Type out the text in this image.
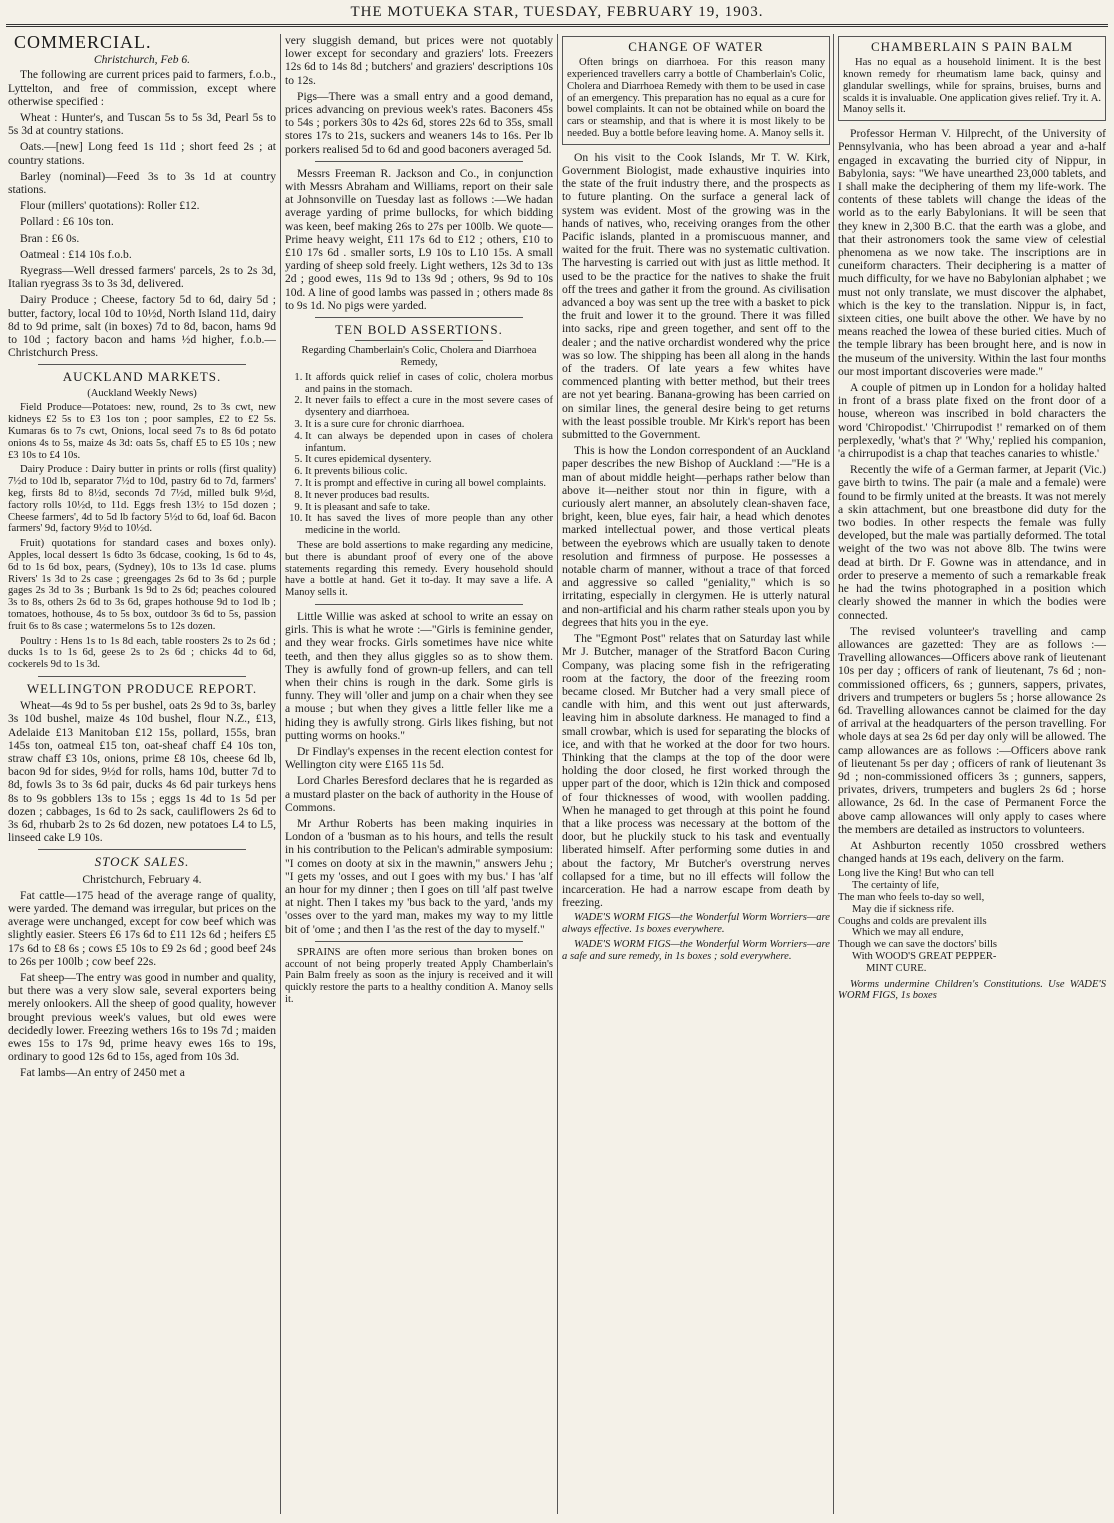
THE MOTUEKA STAR, TUESDAY, FEBRUARY 19, 1903.
COMMERCIAL.

Christchurch, Feb 6.

The following are current prices paid to farmers, f.o.b., Lyttelton, and free of commission, except where otherwise specified :

Wheat : Hunter's, and Tuscan 5s to 5s 3d, Pearl 5s to 5s 3d at country stations.

Oats.—[new] Long feed 1s 11d ; short feed 2s ; at country stations.

Barley (nominal)—Feed 3s to 3s 1d at country stations.

Flour (millers' quotations): Roller £12.

Pollard : £6 10s ton.

Bran : £6 0s.

Oatmeal : £14 10s f.o.b.

Ryegrass—Well dressed farmers' parcels, 2s to 2s 3d, Italian ryegrass 3s to 3s 3d, delivered.

Dairy Produce ; Cheese, factory 5d to 6d, dairy 5d ; butter, factory, local 10d to 10½d, North Island 11d, dairy 8d to 9d prime, salt (in boxes) 7d to 8d, bacon, hams 9d to 10d ; factory bacon and hams ½d higher, f.o.b.—Christchurch Press.

AUCKLAND MARKETS.

(Auckland Weekly News)

Field Produce—Potatoes: new, round, 2s to 3s cwt, new kidneys £2 5s to £3 1os ton ; poor samples, £2 to £2 5s. Kumaras 6s to 7s cwt, Onions, local seed 7s to 8s 6d potato onions 4s to 5s, maize 4s 3d: oats 5s, chaff £5 to £5 10s ; new £3 10s to £4 10s.

Dairy Produce : Dairy butter in prints or rolls (first quality) 7½d to 10d lb, separator 7½d to 10d, pastry 6d to 7d, farmers' keg, firsts 8d to 8½d, seconds 7d 7½d, milled bulk 9½d, factory rolls 10½d, to 11d. Eggs fresh 13½ to 15d dozen ; Cheese farmers', 4d to 5d lb factory 5½d to 6d, loaf 6d. Bacon farmers' 9d, factory 9½d to 10½d.

Fruit) quotations for standard cases and boxes only). Apples, local dessert 1s 6dto 3s 6dcase, cooking, 1s 6d to 4s, 6d to 1s 6d box, pears, (Sydney), 10s to 13s 1d case. plums Rivers' 1s 3d to 2s case ; greengages 2s 6d to 3s 6d ; purple gages 2s 3d to 3s ; Burbank 1s 9d to 2s 6d; peaches coloured 3s to 8s, others 2s 6d to 3s 6d, grapes hothouse 9d to 1od lb ; tomatoes, hothouse, 4s to 5s box, outdoor 3s 6d to 5s, passion fruit 6s to 8s case ; watermelons 5s to 12s dozen.

Poultry : Hens 1s to 1s 8d each, table roosters 2s to 2s 6d ; ducks 1s to 1s 6d, geese 2s to 2s 6d ; chicks 4d to 6d, cockerels 9d to 1s 3d.

WELLINGTON PRODUCE REPORT.

Wheat—4s 9d to 5s per bushel, oats 2s 9d to 3s, barley 3s 10d bushel, maize 4s 10d bushel, flour N.Z., £13, Adelaide £13 Manitoban £12 15s, pollard, 155s, bran 145s ton, oatmeal £15 ton, oat-sheaf chaff £4 10s ton, straw chaff £3 10s, onions, prime £8 10s, cheese 6d lb, bacon 9d for sides, 9½d for rolls, hams 10d, butter 7d to 8d, fowls 3s to 3s 6d pair, ducks 4s 6d pair turkeys hens 8s to 9s gobblers 13s to 15s ; eggs 1s 4d to 1s 5d per dozen ; cabbages, 1s 6d to 2s sack, cauliflowers 2s 6d to 3s 6d, rhubarb 2s to 2s 6d dozen, new potatoes L4 to L5, linseed cake L9 10s.

STOCK SALES.

Christchurch, February 4.

Fat cattle—175 head of the average range of quality, were yarded. The demand was irregular, but prices on the average were unchanged, except for cow beef which was slightly easier. Steers £6 17s 6d to £11 12s 6d ; heifers £5 17s 6d to £8 6s ; cows £5 10s to £9 2s 6d ; good beef 24s to 26s per 100lb ; cow beef 22s.

Fat sheep—The entry was good in number and quality, but there was a very slow sale, several exporters being merely onlookers. All the sheep of good quality, however brought previous week's values, but old ewes were decidedly lower. Freezing wethers 16s to 19s 7d ; maiden ewes 15s to 17s 9d, prime heavy ewes 16s to 19s, ordinary to good 12s 6d to 15s, aged from 10s 3d.

Fat lambs—An entry of 2450 met a

very sluggish demand, but prices were not quotably lower except for secondary and graziers' lots. Freezers 12s 6d to 14s 8d ; butchers' and graziers' descriptions 10s to 12s.

Pigs—There was a small entry and a good demand, prices advancing on previous week's rates. Baconers 45s to 54s ; porkers 30s to 42s 6d, stores 22s 6d to 35s, small stores 17s to 21s, suckers and weaners 14s to 16s. Per lb porkers realised 5d to 6d and good baconers averaged 5d.

Messrs Freeman R. Jackson and Co., in conjunction with Messrs Abraham and Williams, report on their sale at Johnsonville on Tuesday last as follows :—We hadan average yarding of prime bullocks, for which bidding was keen, beef making 26s to 27s per 100lb. We quote— Prime heavy weight, £11 17s 6d to £12 ; others, £10 to £10 17s 6d . smaller sorts, L9 10s to L10 15s. A small yarding of sheep sold freely. Light wethers, 12s 3d to 13s 2d ; good ewes, 11s 9d to 13s 9d ; others, 9s 9d to 10s 10d. A line of good lambs was passed in ; others made 8s to 9s 1d. No pigs were yarded.

TEN BOLD ASSERTIONS.

Regarding Chamberlain's Colic, Cholera and Diarrhoea Remedy,

1. It affords quick relief in cases of colic, cholera morbus and pains in the stomach.
2. It never fails to effect a cure in the most severe cases of dysentery and diarrhoea.
3. It is a sure cure for chronic diarrhoea.
4. It can always be depended upon in cases of cholera infantum.
5. It cures epidemical dysentery.
6. It prevents bilious colic.
7. It is prompt and effective in curing all bowel complaints.
8. It never produces bad results.
9. It is pleasant and safe to take.
10. It has saved the lives of more people than any other medicine in the world.

These are bold assertions to make regarding any medicine, but there is abundant proof of every one of the above statements regarding this remedy. Every household should have a bottle at hand. Get it to-day. It may save a life. A Manoy sells it.

Little Willie was asked at school to write an essay on girls. This is what he wrote :—"Girls is feminine gender, and they wear frocks. Girls sometimes have nice white teeth, and then they allus giggles so as to show them. They is awfully fond of grown-up fellers, and can tell when their chins is rough in the dark. Some girls is funny. They will 'oller and jump on a chair when they see a mouse ; but when they gives a little feller like me a hiding they is awfully strong. Girls likes fishing, but not putting worms on hooks."

Dr Findlay's expenses in the recent election contest for Wellington city were £165 11s 5d.

Lord Charles Beresford declares that he is regarded as a mustard plaster on the back of authority in the House of Commons.

Mr Arthur Roberts has been making inquiries in London of a 'busman as to his hours, and tells the result in his contribution to the Pelican's admirable symposium: "I comes on dooty at six in the mawnin," answers Jehu ; "I gets my 'osses, and out I goes with my bus.' I has 'alf an hour for my dinner ; then I goes on till 'alf past twelve at night. Then I takes my 'bus back to the yard, 'ands my 'osses over to the yard man, makes my way to my little bit of 'ome ; and then I 'as the rest of the day to myself."

SPRAINS are often more serious than broken bones on account of not being properly treated Apply Chamberlain's Pain Balm freely as soon as the injury is received and it will quickly restore the parts to a healthy condition A. Manoy sells it.

CHANGE OF WATER

Often brings on diarrhoea. For this reason many experienced travellers carry a bottle of Chamberlain's Colic, Cholera and Diarrhoea Remedy with them to be used in case of an emergency. This preparation has no equal as a cure for bowel complaints. It can not be obtained while on board the cars or steamship, and that is where it is most likely to be needed. Buy a bottle before leaving home. A. Manoy sells it.

On his visit to the Cook Islands, Mr T. W. Kirk, Government Biologist, made exhaustive inquiries into the state of the fruit industry there, and the prospects as to future planting. On the surface a general lack of system was evident. Most of the growing was in the hands of natives, who, receiving oranges from the other Pacific islands, planted in a promiscuous manner, and waited for the fruit. There was no systematic cultivation. The harvesting is carried out with just as little method. It used to be the practice for the natives to shake the fruit off the trees and gather it from the ground. As civilisation advanced a boy was sent up the tree with a basket to pick the fruit and lower it to the ground. There it was filled into sacks, ripe and green together, and sent off to the dealer ; and the native orchardist wondered why the price was so low. The shipping has been all along in the hands of the traders. Of late years a few whites have commenced planting with better method, but their trees are not yet bearing. Banana-growing has been carried on on similar lines, the general desire being to get returns with the least possible trouble. Mr Kirk's report has been submitted to the Government.

This is how the London correspondent of an Auckland paper describes the new Bishop of Auckland :—"He is a man of about middle height—perhaps rather below than above it—neither stout nor thin in figure, with a curiously alert manner, an absolutely clean-shaven face, bright, keen, blue eyes, fair hair, a head which denotes marked intellectual power, and those vertical pleats between the eyebrows which are usually taken to denote resolution and firmness of purpose. He possesses a notable charm of manner, without a trace of that forced and aggressive so called "geniality," which is so irritating, especially in clergymen. He is utterly natural and non-artificial and his charm rather steals upon you by degrees that hits you in the eye.

The "Egmont Post" relates that on Saturday last while Mr J. Butcher, manager of the Stratford Bacon Curing Company, was placing some fish in the refrigerating room at the factory, the door of the freezing room became closed. Mr Butcher had a very small piece of candle with him, and this went out just afterwards, leaving him in absolute darkness. He managed to find a small crowbar, which is used for separating the blocks of ice, and with that he worked at the door for two hours. Thinking that the clamps at the top of the door were holding the door closed, he first worked through the upper part of the door, which is 12in thick and composed of four thicknesses of wood, with woollen padding. When he managed to get through at this point he found that a like process was necessary at the bottom of the door, but he pluckily stuck to his task and eventually liberated himself. After performing some duties in and about the factory, Mr Butcher's overstrung nerves collapsed for a time, but no ill effects will follow the incarceration. He had a narrow escape from death by freezing.

WADE'S WORM FIGS—the Wonderful Worm Worriers—are always effective. 1s boxes everywhere.

WADE'S WORM FIGS—the Wonderful Worm Worriers—are a safe and sure remedy, in 1s boxes ; sold everywhere.

CHAMBERLAIN S PAIN BALM

Has no equal as a household liniment. It is the best known remedy for rheumatism lame back, quinsy and glandular swellings, while for sprains, bruises, burns and scalds it is invaluable. One application gives relief. Try it. A. Manoy sells it.

Professor Herman V. Hilprecht, of the University of Pennsylvania, who has been abroad a year and a-half engaged in excavating the burried city of Nippur, in Babylonia, says: "We have unearthed 23,000 tablets, and I shall make the deciphering of them my life-work. The contents of these tablets will change the ideas of the world as to the early Babylonians. It will be seen that they knew in 2,300 B.C. that the earth was a globe, and that their astronomers took the same view of celestial phenomena as we now take. The inscriptions are in cuneiform characters. Their deciphering is a matter of much difficulty, for we have no Babylonian alphabet ; we must not only translate, we must discover the alphabet, which is the key to the translation. Nippur is, in fact, sixteen cities, one built above the other. We have by no means reached the lowea of these buried cities. Much of the temple library has been brought here, and is now in the museum of the university. Within the last four months our most important discoveries were made."

A couple of pitmen up in London for a holiday halted in front of a brass plate fixed on the front door of a house, whereon was inscribed in bold characters the word 'Chiropodist.' 'Chirrupodist !' remarked on of them perplexedly, 'what's that ?' 'Why,' replied his companion, 'a chirrupodist is a chap that teaches canaries to whistle.'

Recently the wife of a German farmer, at Jeparit (Vic.) gave birth to twins. The pair (a male and a female) were found to be firmly united at the breasts. It was not merely a skin attachment, but one breastbone did duty for the two bodies. In other respects the female was fully developed, but the male was partially deformed. The total weight of the two was not above 8lb. The twins were dead at birth. Dr F. Gowne was in attendance, and in order to preserve a memento of such a remarkable freak he had the twins photographed in a position which clearly showed the manner in which the bodies were connected.

The revised volunteer's travelling and camp allowances are gazetted: They are as follows :—Travelling allowances—Officers above rank of lieutenant 10s per day ; officers of rank of lieutenant, 7s 6d ; non-commissioned officers, 6s ; gunners, sappers, privates, drivers and trumpeters or buglers 5s ; horse allowance 2s 6d. Travelling allowances cannot be claimed for the day of arrival at the headquarters of the person travelling. For whole days at sea 2s 6d per day only will be allowed. The camp allowances are as follows :—Officers above rank of lieutenant 5s per day ; officers of rank of lieutenant 3s 9d ; non-commissioned officers 3s ; gunners, sappers, privates, drivers, trumpeters and buglers 2s 6d ; horse allowance, 2s 6d. In the case of Permanent Force the above camp allowances will only apply to cases where the members are detailed as instructors to volunteers.

At Ashburton recently 1050 crossbred wethers changed hands at 19s each, delivery on the farm.

Long live the King! But who can tell

The certainty of life,

The man who feels to-day so well,

May die if sickness rife.

Coughs and colds are prevalent ills

Which we may all endure,

Though we can save the doctors' bills

With WOOD'S GREAT PEPPER-

MINT CURE.

Worms undermine Children's Constitutions. Use WADE'S WORM FIGS, 1s boxes
